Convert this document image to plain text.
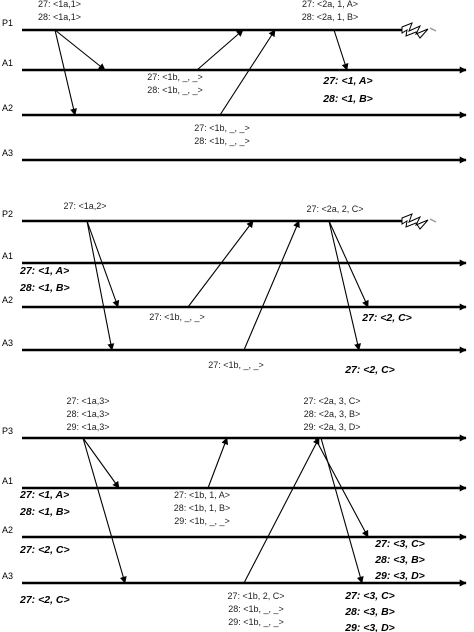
P1
A1
A2
A3
27: <1a,1>
28: <1a,1>
27: <2a, 1, A>
28: <2a, 1, B>
27: <1b, _, _>
28: <1b, _, _>
27: <1, A>
28: <1, B>
27: <1b, _, _>
28: <1b, _, _>
P2
A1
A2
A3
27: <1a,2>	27: <2a, 2, C>
27: <1, A>
28: <1, B>
27: <1b, _, _>	27: <2, C>
27: <1b, _, _>	27: <2, C>
P3
A1
A2
A3
27: <1a,3>
28: <1a,3>
29: <1a,3>
27: <2a, 3, C>
28: <2a, 3, B>
29: <2a, 3, D>
27: <1, A>
28: <1, B>
27: <1b, 1, A>
28: <1b, 1, B>
29: <1b, _, _>
27: <2, C>	27: <3, C>
28: <3, B>
29: <3, D>
27: <2, C>	27: <1b, 2, C>
28: <1b, _, _>
29: <1b, _, _>
27: <3, C>
28: <3, B>
29: <3, D>
